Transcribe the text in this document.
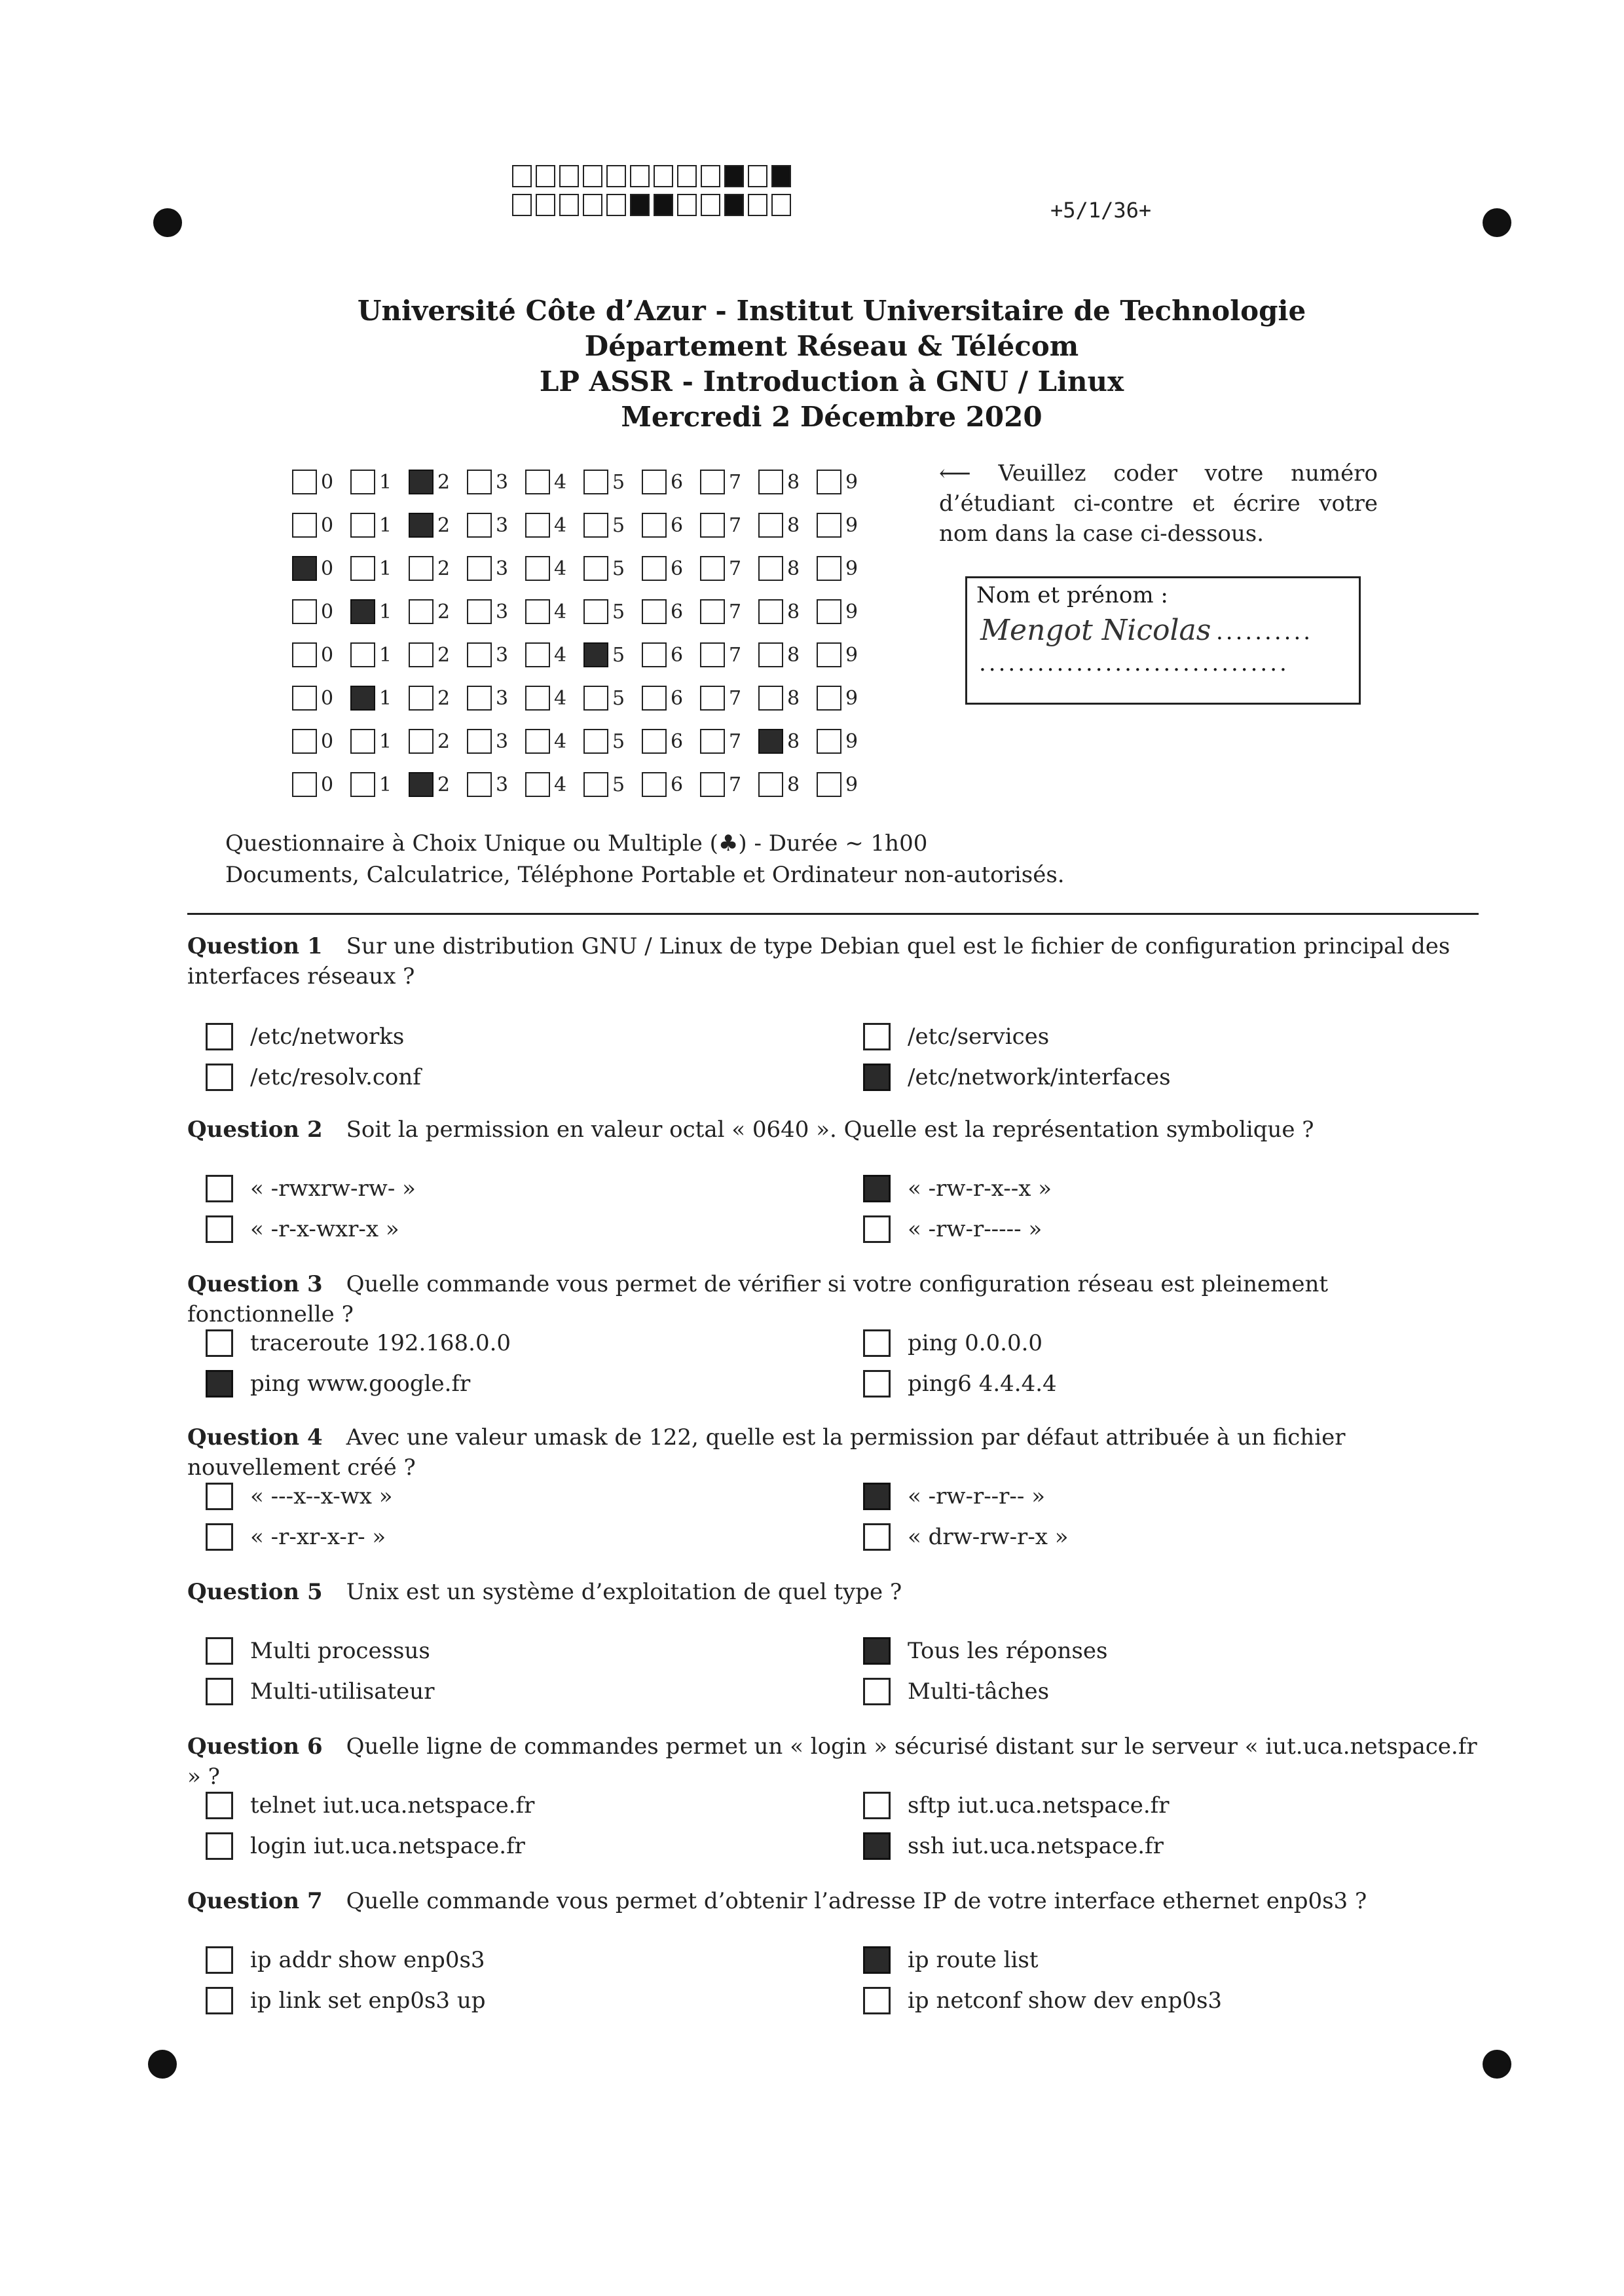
+5/1/36+
Université Côte d’Azur - Institut Universitaire de Technologie
Département Réseau & Télécom
LP ASSR - Introduction à GNU / Linux
Mercredi 2 Décembre 2020
0 1 2 3 4 5 6 7 8 9
0 1 2 3 4 5 6 7 8 9
0 1 2 3 4 5 6 7 8 9
0 1 2 3 4 5 6 7 8 9
0 1 2 3 4 5 6 7 8 9
0 1 2 3 4 5 6 7 8 9
0 1 2 3 4 5 6 7 8 9
0 1 2 3 4 5 6 7 8 9
⟵ Veuillez coder votre numéro d’étudiant ci-contre et écrire votre nom dans la case ci-dessous.
Nom et prénom :
Mengot Nicolas ..........
................................
Questionnaire à Choix Unique ou Multiple (♣) - Durée ∼ 1h00
Documents, Calculatrice, Téléphone Portable et Ordinateur non-autorisés.
Question 1 Sur une distribution GNU / Linux de type Debian quel est le fichier de configuration principal des interfaces réseaux ?
/etc/networks	/etc/services
/etc/resolv.conf	/etc/network/interfaces
Question 2 Soit la permission en valeur octal « 0640 ». Quelle est la représentation symbolique ?
« -rwxrw-rw- »	« -rw-r-x--x »
« -r-x-wxr-x »	« -rw-r----- »
Question 3 Quelle commande vous permet de vérifier si votre configuration réseau est pleinement fonctionnelle ?
traceroute 192.168.0.0	ping 0.0.0.0
ping www.google.fr	ping6 4.4.4.4
Question 4 Avec une valeur umask de 122, quelle est la permission par défaut attribuée à un fichier nouvellement créé ?
« ---x--x-wx »	« -rw-r--r-- »
« -r-xr-x-r- »	« drw-rw-r-x »
Question 5 Unix est un système d’exploitation de quel type ?
Multi processus	Tous les réponses
Multi-utilisateur	Multi-tâches
Question 6 Quelle ligne de commandes permet un « login » sécurisé distant sur le serveur « iut.uca.netspace.fr » ?
telnet iut.uca.netspace.fr	sftp iut.uca.netspace.fr
login iut.uca.netspace.fr	ssh iut.uca.netspace.fr
Question 7 Quelle commande vous permet d’obtenir l’adresse IP de votre interface ethernet enp0s3 ?
ip addr show enp0s3	ip route list
ip link set enp0s3 up	ip netconf show dev enp0s3
